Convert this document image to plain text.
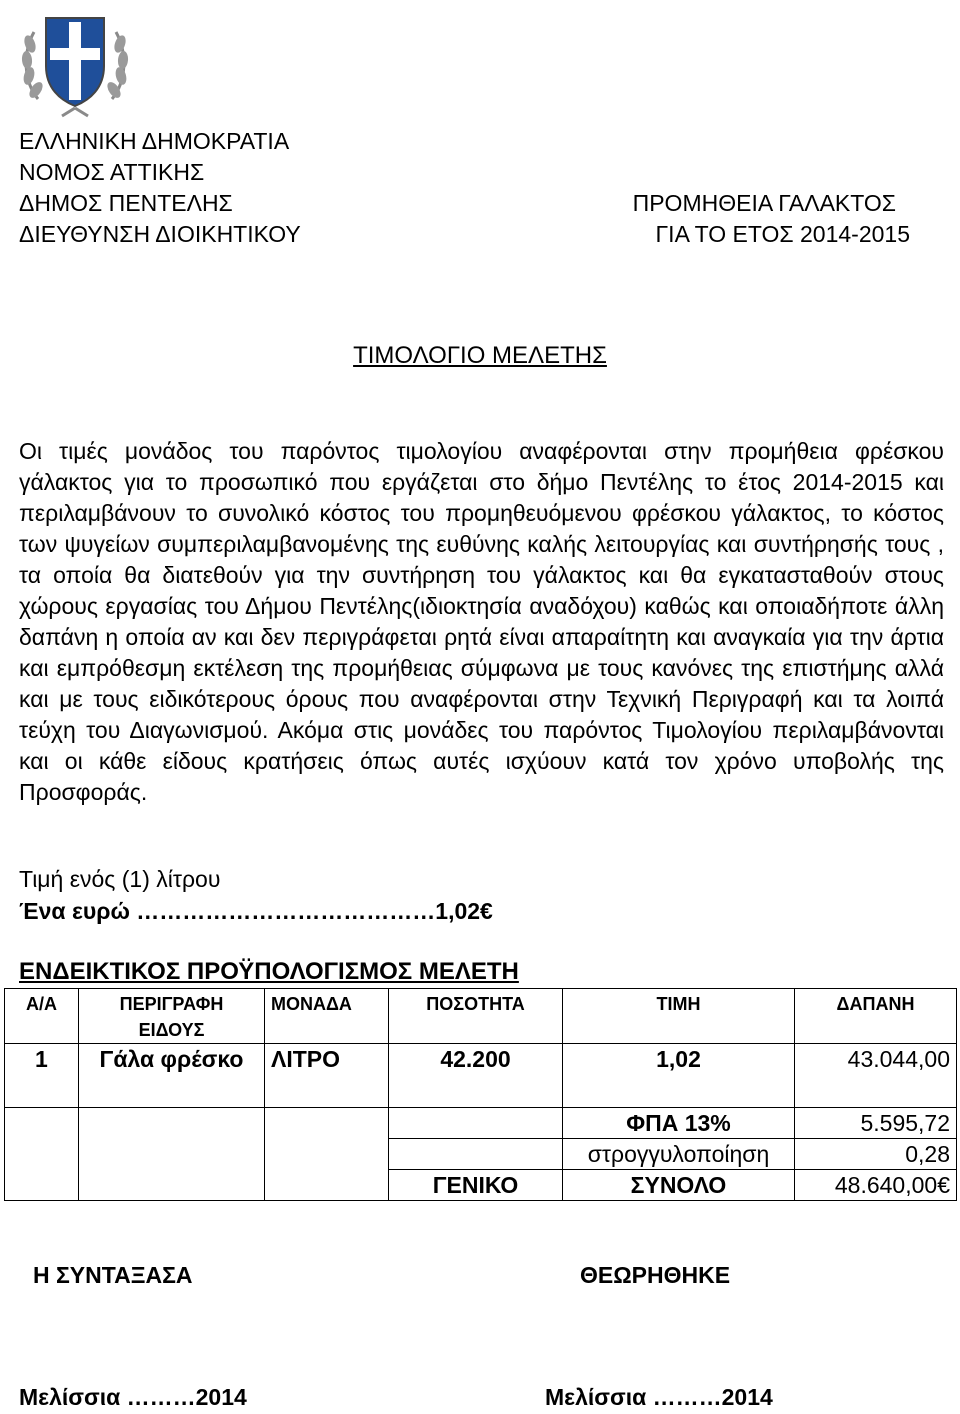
ΕΛΛΗΝΙΚΗ ΔΗΜΟΚΡΑΤΙΑ
ΝΟΜΟΣ ΑΤΤΙΚΗΣ
ΔΗΜΟΣ ΠΕΝΤΕΛΗΣ
ΔΙΕΥΘΥΝΣΗ ΔΙΟΙΚΗΤΙΚΟΥ
ΠΡΟΜΗΘΕΙΑ ΓΑΛΑΚΤΟΣ
ΓΙΑ ΤΟ ΕΤΟΣ 2014-2015
ΤΙΜΟΛΟΓΙΟ ΜΕΛΕΤΗΣ
Οι τιμές μονάδος του παρόντος τιμολογίου αναφέρονται στην προμήθεια φρέσκου γάλακτος για το προσωπικό που εργάζεται στο δήμο Πεντέλης το έτος 2014-2015 και περιλαμβάνουν το συνολικό κόστος του προμηθευόμενου φρέσκου γάλακτος, το κόστος των ψυγείων συμπεριλαμβανομένης της ευθύνης καλής λειτουργίας και συντήρησής τους , τα οποία θα διατεθούν για την συντήρηση του γάλακτος και θα εγκατασταθούν στους χώρους εργασίας του Δήμου Πεντέλης(ιδιοκτησία αναδόχου) καθώς και οποιαδήποτε άλλη δαπάνη η οποία αν και δεν περιγράφεται ρητά είναι απαραίτητη και αναγκαία για την άρτια και εμπρόθεσμη εκτέλεση της προμήθειας σύμφωνα με τους κανόνες της επιστήμης αλλά και με τους ειδικότερους όρους που αναφέρονται στην Τεχνική Περιγραφή και τα λοιπά τεύχη του Διαγωνισμού. Ακόμα στις μονάδες του παρόντος Τιμολογίου περιλαμβάνονται και οι κάθε είδους κρατήσεις όπως αυτές ισχύουν κατά τον χρόνο υποβολής της Προσφοράς.
Τιμή ενός (1) λίτρου
Ένα ευρώ …………………………………1,02€
ΕΝΔΕΙΚΤΙΚΟΣ ΠΡΟΫΠΟΛΟΓΙΣΜΟΣ ΜΕΛΕΤΗ
Α/Α	ΠΕΡΙΓΡΑΦΗ ΕΙΔΟΥΣ	ΜΟΝΑΔΑ	ΠΟΣΟΤΗΤΑ	ΤΙΜΗ	ΔΑΠΑΝΗ
1	Γάλα φρέσκο	ΛΙΤΡΟ	42.200	1,02	43.044,00
				ΦΠΑ 13%	5.595,72
				στρογγυλοποίηση	0,28
			ΓΕΝΙΚΟ	ΣΥΝΟΛΟ	48.640,00€
Η ΣΥΝΤΑΞΑΣΑ	ΘΕΩΡΗΘΗΚΕ
Μελίσσια ………2014	Μελίσσια ………2014
